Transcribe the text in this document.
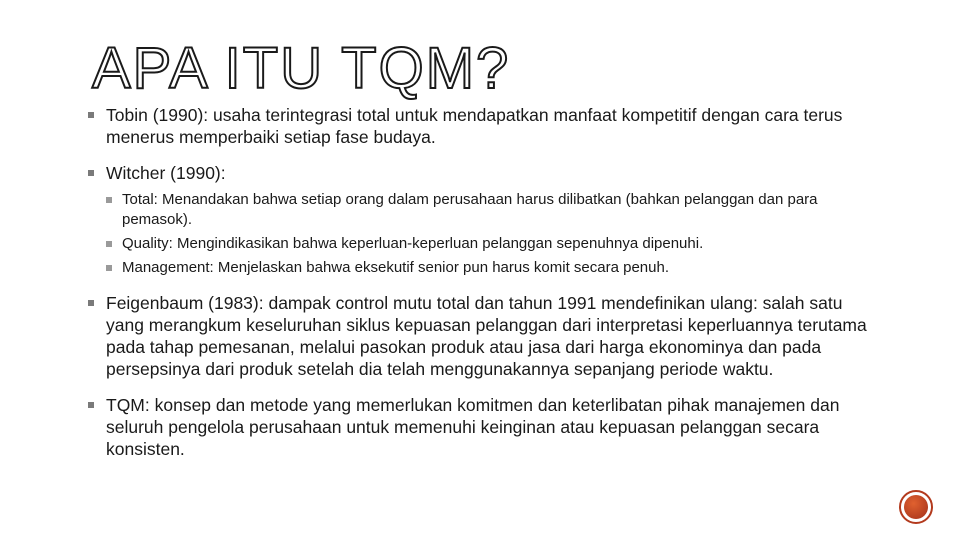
APA ITU TQM?
Tobin (1990): usaha terintegrasi total untuk mendapatkan manfaat kompetitif dengan cara terus menerus memperbaiki setiap fase budaya.
Witcher (1990):
Total: Menandakan bahwa setiap orang dalam perusahaan harus dilibatkan (bahkan pelanggan dan para pemasok).
Quality: Mengindikasikan bahwa keperluan-keperluan pelanggan sepenuhnya dipenuhi.
Management: Menjelaskan bahwa eksekutif senior pun harus komit secara penuh.
Feigenbaum (1983): dampak control mutu total dan tahun 1991 mendefinikan ulang: salah satu yang merangkum keseluruhan siklus kepuasan pelanggan dari interpretasi keperluannya terutama pada tahap pemesanan, melalui pasokan produk atau jasa dari harga ekonominya dan pada persepsinya dari produk setelah dia telah menggunakannya sepanjang periode waktu.
TQM: konsep dan metode yang memerlukan komitmen dan keterlibatan pihak manajemen dan seluruh pengelola perusahaan untuk memenuhi keinginan atau kepuasan pelanggan secara konsisten.
